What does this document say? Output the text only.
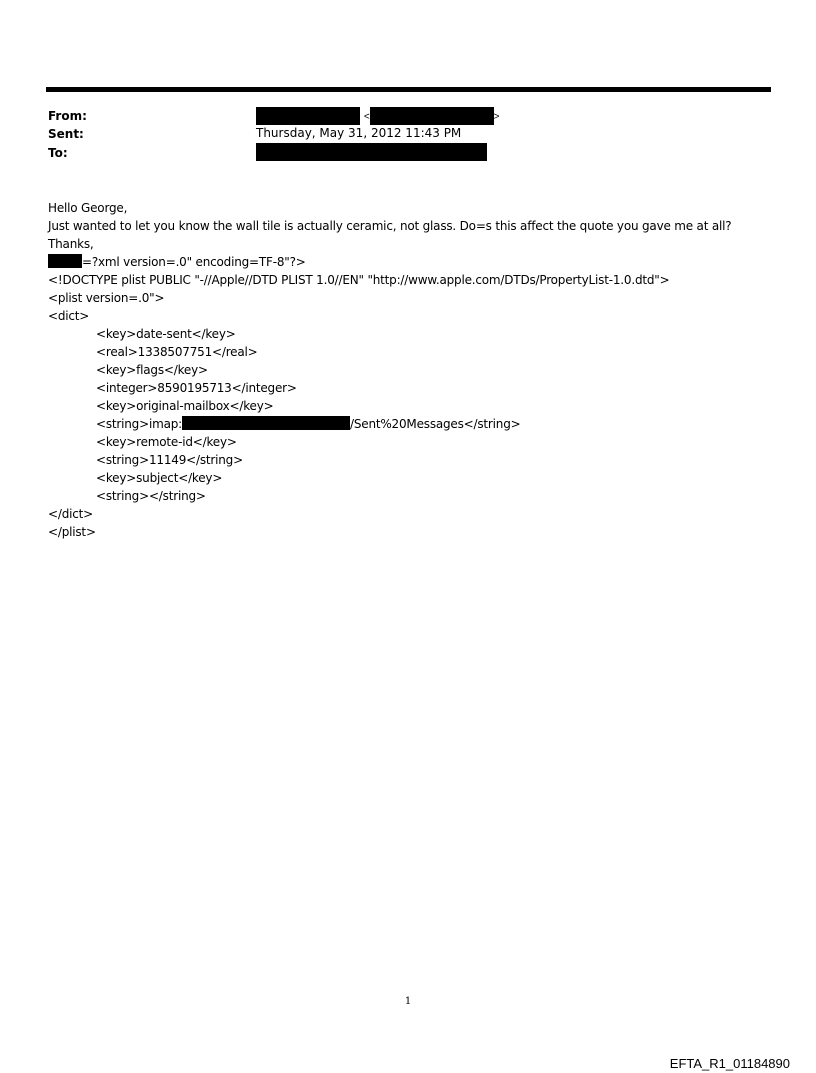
From:	<	>
Sent:	Thursday, May 31, 2012 11:43 PM
To:
Hello George,
Just wanted to let you know the wall tile is actually ceramic, not glass. Do=s this affect the quote you gave me at all?
Thanks,
=?xml version=.0" encoding=TF-8"?>
<!DOCTYPE plist PUBLIC "-//Apple//DTD PLIST 1.0//EN" "http://www.apple.com/DTDs/PropertyList-1.0.dtd">
<plist version=.0">
<dict>
<key>date-sent</key>
<real>1338507751</real>
<key>flags</key>
<integer>8590195713</integer>
<key>original-mailbox</key>
<string>imap:	/Sent%20Messages</string>
<key>remote-id</key>
<string>11149</string>
<key>subject</key>
<string></string>
</dict>
</plist>
1
EFTA_R1_01184890
